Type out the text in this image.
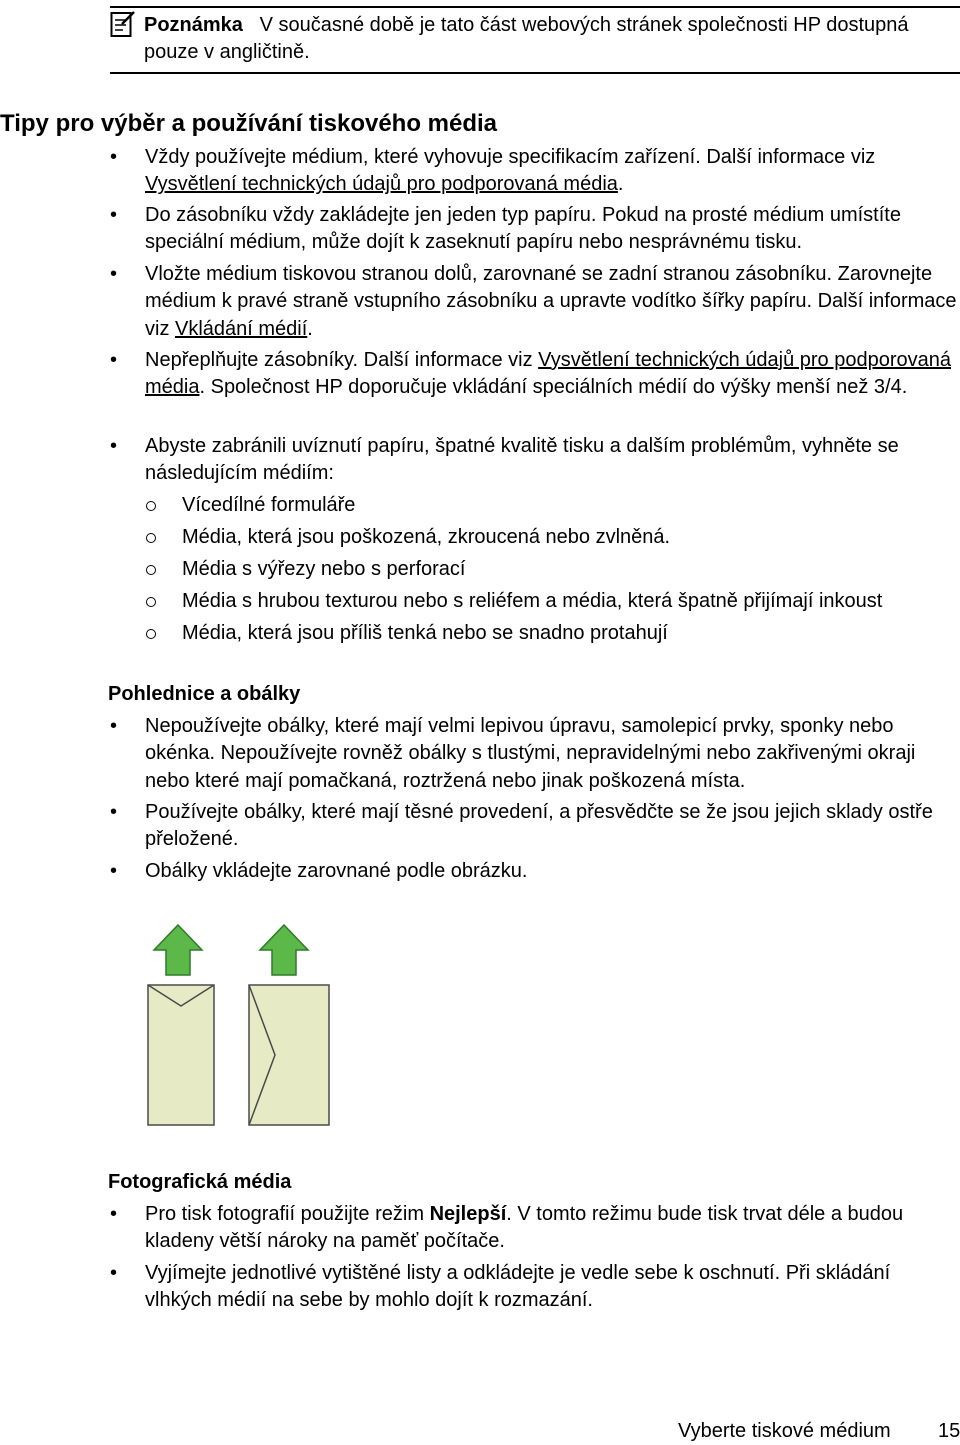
Poznámka V současné době je tato část webových stránek společnosti HP dostupná pouze v angličtině.
Tipy pro výběr a používání tiskového média
• Vždy používejte médium, které vyhovuje specifikacím zařízení. Další informace viz Vysvětlení technických údajů pro podporovaná média.
• Do zásobníku vždy zakládejte jen jeden typ papíru. Pokud na prosté médium umístíte speciální médium, může dojít k zaseknutí papíru nebo nesprávnému tisku.
• Vložte médium tiskovou stranou dolů, zarovnané se zadní stranou zásobníku. Zarovnejte médium k pravé straně vstupního zásobníku a upravte vodítko šířky papíru. Další informace viz Vkládání médií.
• Nepřeplňujte zásobníky. Další informace viz Vysvětlení technických údajů pro podporovaná média. Společnost HP doporučuje vkládání speciálních médií do výšky menší než 3/4.
• Abyste zabránili uvíznutí papíru, špatné kvalitě tisku a dalším problémům, vyhněte se následujícím médiím:
Vícedílné formuláře
Média, která jsou poškozená, zkroucená nebo zvlněná.
Média s výřezy nebo s perforací
Média s hrubou texturou nebo s reliéfem a média, která špatně přijímají inkoust
Média, která jsou příliš tenká nebo se snadno protahují
Pohlednice a obálky
• Nepoužívejte obálky, které mají velmi lepivou úpravu, samolepicí prvky, sponky nebo okénka. Nepoužívejte rovněž obálky s tlustými, nepravidelnými nebo zakřivenými okraji nebo které mají pomačkaná, roztržená nebo jinak poškozená místa.
• Používejte obálky, které mají těsné provedení, a přesvědčte se že jsou jejich sklady ostře přeložené.
• Obálky vkládejte zarovnané podle obrázku.
Fotografická média
• Pro tisk fotografií použijte režim Nejlepší. V tomto režimu bude tisk trvat déle a budou kladeny větší nároky na paměť počítače.
• Vyjímejte jednotlivé vytištěné listy a odkládejte je vedle sebe k oschnutí. Při skládání vlhkých médií na sebe by mohlo dojít k rozmazání.
Vyberte tiskové médium 15
